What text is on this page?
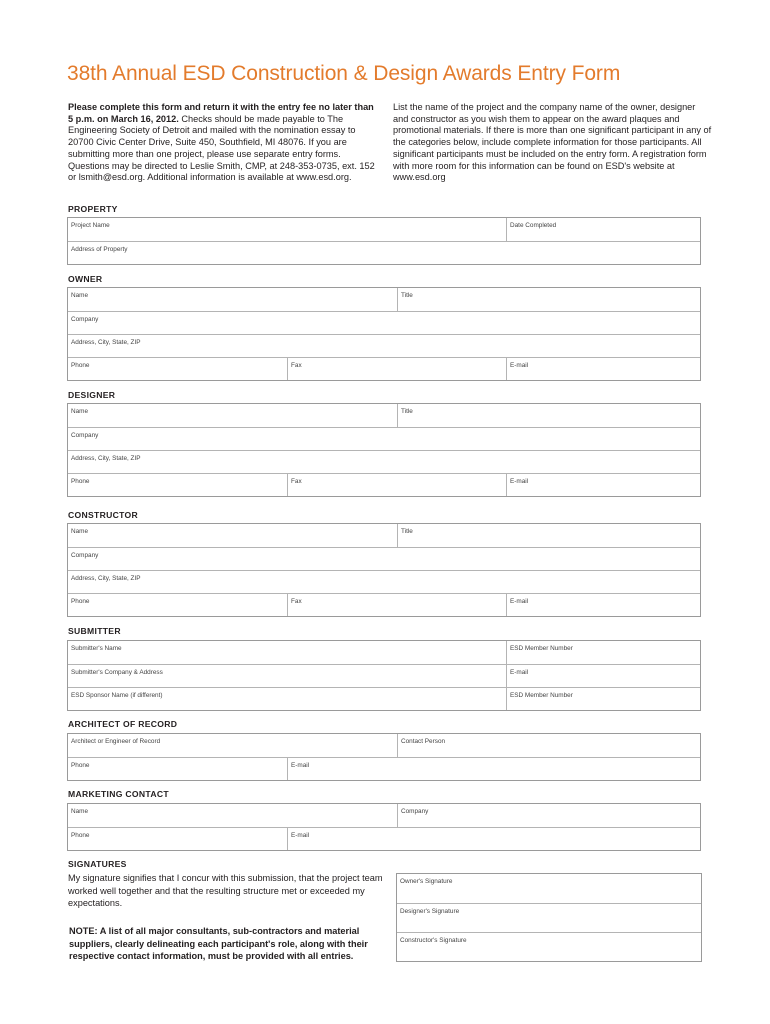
38th Annual ESD Construction & Design Awards Entry Form
Please complete this form and return it with the entry fee no later than 5 p.m. on March 16, 2012. Checks should be made payable to The Engineering Society of Detroit and mailed with the nomination essay to 20700 Civic Center Drive, Suite 450, Southfield, MI 48076. If you are submitting more than one project, please use separate entry forms. Questions may be directed to Leslie Smith, CMP, at 248-353-0735, ext. 152 or lsmith@esd.org. Additional information is available at www.esd.org.
List the name of the project and the company name of the owner, designer and constructor as you wish them to appear on the award plaques and promotional materials. If there is more than one significant participant in any of the categories below, include complete information for those participants. All significant participants must be included on the entry form. A registration form with more room for this information can be found on ESD's website at www.esd.org
PROPERTY
Project Name	Date Completed
Address of Property
OWNER
Name	Title
Company
Address, City, State, ZIP
Phone	Fax	E-mail
DESIGNER
Name	Title
Company
Address, City, State, ZIP
Phone	Fax	E-mail
CONSTRUCTOR
Name	Title
Company
Address, City, State, ZIP
Phone	Fax	E-mail
SUBMITTER
Submitter's Name	ESD Member Number
Submitter's Company & Address	E-mail
ESD Sponsor Name (if different)	ESD Member Number
ARCHITECT OF RECORD
Architect or Engineer of Record	Contact Person
Phone	E-mail
MARKETING CONTACT
Name	Company
Phone	E-mail
SIGNATURES
My signature signifies that I concur with this submission, that the project team worked well together and that the resulting structure met or exceeded my expectations.
NOTE: A list of all major consultants, sub-contractors and material suppliers, clearly delineating each participant's role, along with their respective contact information, must be provided with all entries.
Owner's Signature
Designer's Signature
Constructor's Signature
